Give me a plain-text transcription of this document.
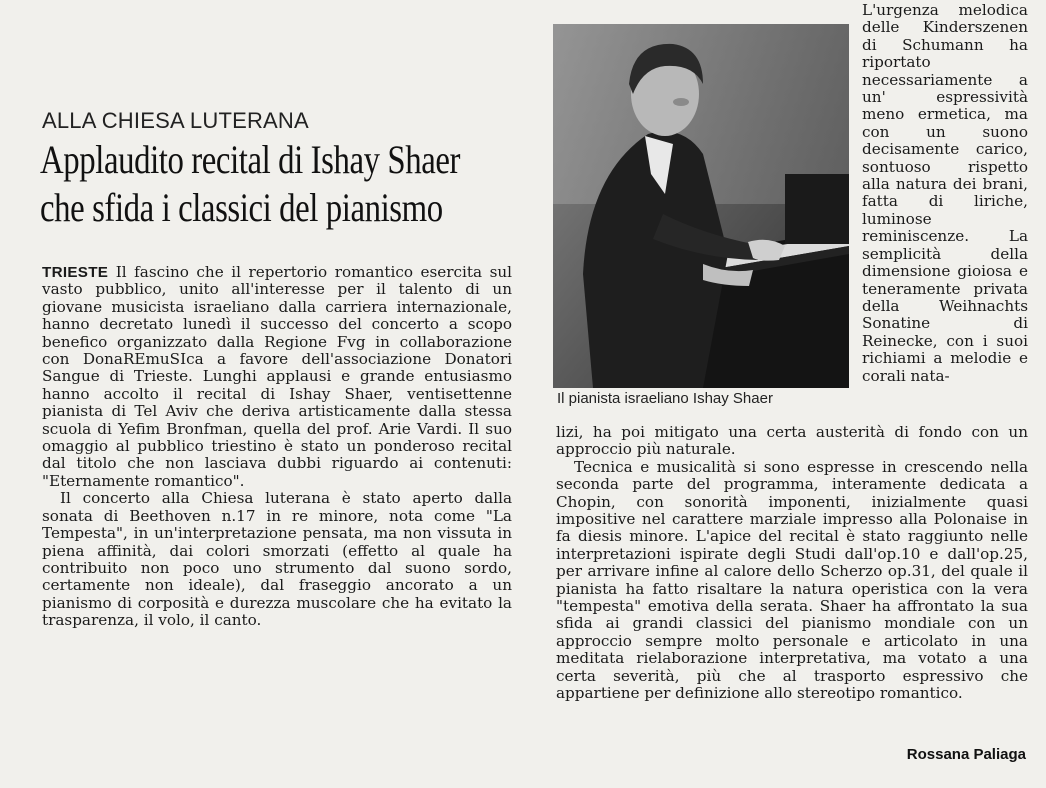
ALLA CHIESA LUTERANA
Applaudito recital di Ishay Shaer
che sfida i classici del pianismo

TRIESTE Il fascino che il repertorio romantico esercita sul vasto pubblico, unito all'interesse per il talento di un giovane musicista israeliano dalla carriera internazionale, hanno decretato lunedì il successo del concerto a scopo benefico organizzato dalla Regione Fvg in collaborazione con DonaREmuSIca a favore dell'associazione Donatori Sangue di Trieste. Lunghi applausi e grande entusiasmo hanno accolto il recital di Ishay Shaer, ventisettenne pianista di Tel Aviv che deriva artisticamente dalla stessa scuola di Yefim Bronfman, quella del prof. Arie Vardi. Il suo omaggio al pubblico triestino è stato un ponderoso recital dal titolo che non lasciava dubbi riguardo ai contenuti: "Eternamente romantico".

Il concerto alla Chiesa luterana è stato aperto dalla sonata di Beethoven n.17 in re minore, nota come "La Tempesta", in un'interpretazione pensata, ma non vissuta in piena affinità, dai colori smorzati (effetto al quale ha contribuito non poco uno strumento dal suono sordo, certamente non ideale), dal fraseggio ancorato a un pianismo di corposità e durezza muscolare che ha evitato la trasparenza, il volo, il canto.

Il pianista israeliano Ishay Shaer

L'urgenza melodica delle Kinderszenen di Schumann ha riportato necessariamente a un' espressività meno ermetica, ma con un suono decisamente carico, sontuoso rispetto alla natura dei brani, fatta di liriche, luminose reminiscenze. La semplicità della dimensione gioiosa e teneramente privata della Weihnachts Sonatine di Reinecke, con i suoi richiami a melodie e corali nata-

lizi, ha poi mitigato una certa austerità di fondo con un approccio più naturale.

Tecnica e musicalità si sono espresse in crescendo nella seconda parte del programma, interamente dedicata a Chopin, con sonorità imponenti, inizialmente quasi impositive nel carattere marziale impresso alla Polonaise in fa diesis minore. L'apice del recital è stato raggiunto nelle interpretazioni ispirate degli Studi dall'op.10 e dall'op.25, per arrivare infine al calore dello Scherzo op.31, del quale il pianista ha fatto risaltare la natura operistica con la vera "tempesta" emotiva della serata. Shaer ha affrontato la sua sfida ai grandi classici del pianismo mondiale con un approccio sempre molto personale e articolato in una meditata rielaborazione interpretativa, ma votato a una certa severità, più che al trasporto espressivo che appartiene per definizione allo stereotipo romantico.

Rossana Paliaga
